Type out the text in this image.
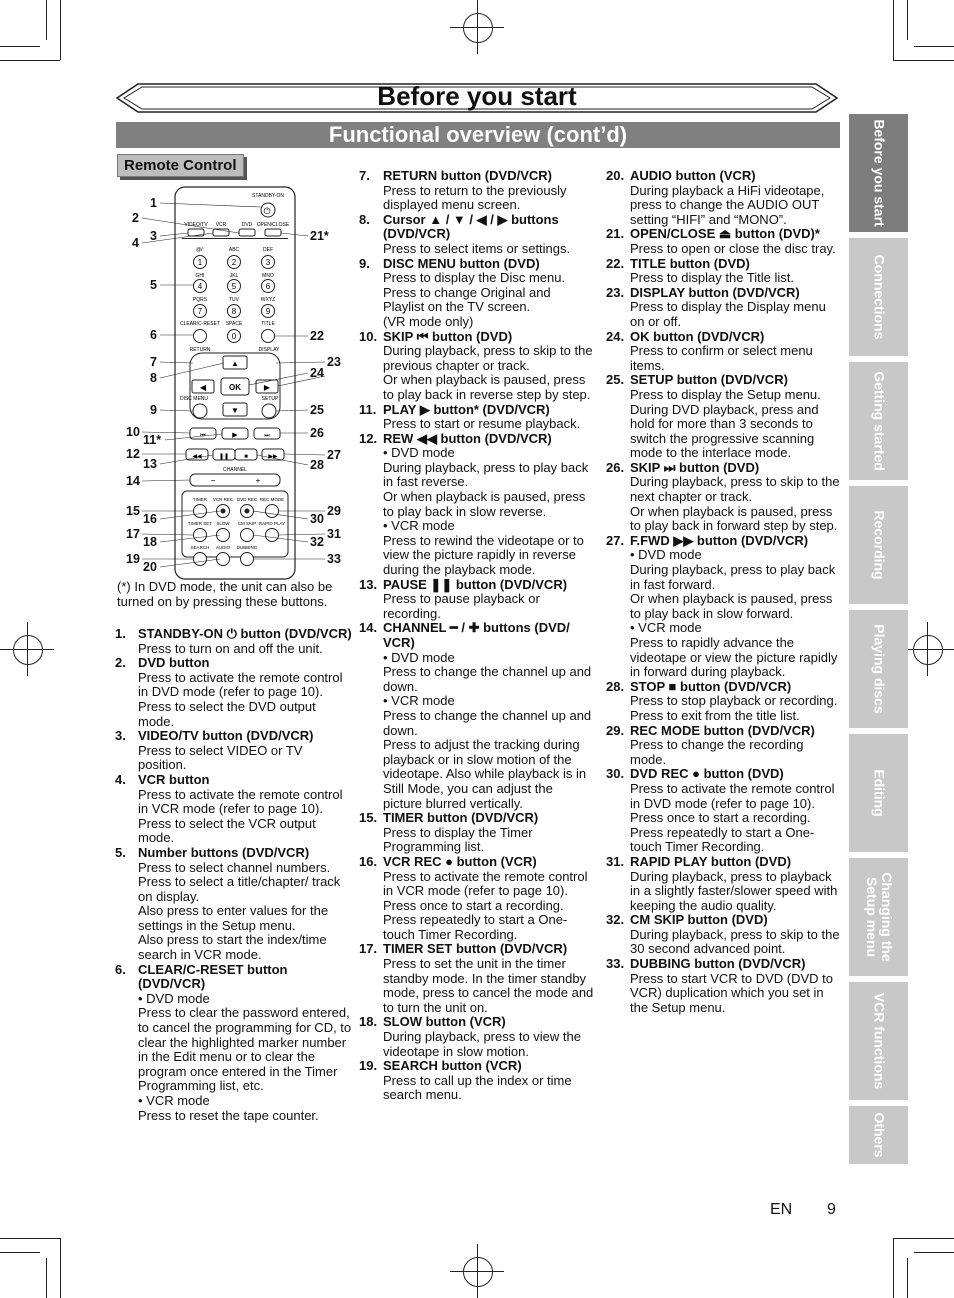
Before you start
Functional overview (cont’d)
Remote Control	Before you start
Connections
Getting started
Recording
Playing discs
Editing
Changing the Setup menu
VCR functions
Others
STANDBY-ON
⏻
VIDEO/TV VCR	DVD OPEN/CLOSE
@/:	ABC	DEF
1	2	3
GHI	JKL	MNO
4	5	6
PQRS	TUV	WXYZ
7	8	9
CLEAR/C-RESET SPACE	TITLE
0
RETURN	DISPLAY
▲
▼
◀	▶
OK
DISC MENU	SETUP
⏮	▶	⏭
◀◀	❚❚	■	▶▶
CHANNEL
−	+
TIMER VCR REC DVD REC REC MODE
TIMER SET SLOW CM SKIP RAPID PLAY
SEARCH AUDIO DUBBING
1
2
3
4
5
6
7
8
9
10
11*
12
13
14
15
16
17
18
19
20
21*
22
23
24
25
26
27
28
29
30
31
32
33
(*) In DVD mode, the unit can also be turned on by pressing these buttons.
1. STANDBY-ON ⏻ button (DVD/VCR)

Press to turn on and off the unit.

2. DVD button

Press to activate the remote control in DVD mode (refer to page 10).

Press to select the DVD output mode.

3. VIDEO/TV button (DVD/VCR)

Press to select VIDEO or TV position.

4. VCR button

Press to activate the remote control in VCR mode (refer to page 10).

Press to select the VCR output mode.

5. Number buttons (DVD/VCR)

Press to select channel numbers.

Press to select a title/chapter/ track on display.

Also press to enter values for the settings in the Setup menu.

Also press to start the index/time search in VCR mode.

6. CLEAR/C-RESET button (DVD/VCR)

• DVD mode

Press to clear the password entered, to cancel the programming for CD, to clear the highlighted marker number in the Edit menu or to clear the program once entered in the Timer Programming list, etc.

• VCR mode

Press to reset the tape counter.

7.	RETURN button (DVD/VCR)

Press to return to the previously displayed menu screen.

8.	Cursor ▲ / ▼ / ◀ / ▶ buttons (DVD/VCR)

Press to select items or settings.

9.	DISC MENU button (DVD)

Press to display the Disc menu.

Press to change Original and Playlist on the TV screen.

(VR mode only)

10. SKIP ⏮ button (DVD)

During playback, press to skip to the previous chapter or track.

Or when playback is paused, press to play back in reverse step by step.

11. PLAY ▶ button* (DVD/VCR)

Press to start or resume playback.

12. REW ◀◀ button (DVD/VCR)

• DVD mode

During playback, press to play back in fast reverse.

Or when playback is paused, press to play back in slow reverse.

• VCR mode

Press to rewind the videotape or to view the picture rapidly in reverse during the playback mode.

13. PAUSE ❚❚ button (DVD/VCR)

Press to pause playback or recording.

14. CHANNEL ━ / ✚ buttons (DVD/ VCR)

• DVD mode

Press to change the channel up and down.

• VCR mode

Press to change the channel up and down.

Press to adjust the tracking during playback or in slow motion of the videotape. Also while playback is in Still Mode, you can adjust the picture blurred vertically.

15. TIMER button (DVD/VCR)

Press to display the Timer Programming list.

16. VCR REC ● button (VCR)

Press to activate the remote control in VCR mode (refer to page 10).

Press once to start a recording.

Press repeatedly to start a One-touch Timer Recording.

17. TIMER SET button (DVD/VCR)

Press to set the unit in the timer standby mode. In the timer standby mode, press to cancel the mode and to turn the unit on.

18. SLOW button (VCR)

During playback, press to view the videotape in slow motion.

19. SEARCH button (VCR)

Press to call up the index or time search menu.

20. AUDIO button (VCR)

During playback a HiFi videotape, press to change the AUDIO OUT setting “HIFI” and “MONO”.

21. OPEN/CLOSE ⏏ button (DVD)*

Press to open or close the disc tray.

22. TITLE button (DVD)

Press to display the Title list.

23. DISPLAY button (DVD/VCR)

Press to display the Display menu on or off.

24. OK button (DVD/VCR)

Press to confirm or select menu items.

25. SETUP button (DVD/VCR)

Press to display the Setup menu.

During DVD playback, press and hold for more than 3 seconds to switch the progressive scanning mode to the interlace mode.

26. SKIP ⏭ button (DVD)

During playback, press to skip to the next chapter or track.

Or when playback is paused, press to play back in forward step by step.

27. F.FWD ▶▶ button (DVD/VCR)

• DVD mode

During playback, press to play back in fast forward.

Or when playback is paused, press to play back in slow forward.

• VCR mode

Press to rapidly advance the videotape or view the picture rapidly in forward during playback.

28. STOP ■ button (DVD/VCR)

Press to stop playback or recording.

Press to exit from the title list.

29. REC MODE button (DVD/VCR)

Press to change the recording mode.

30. DVD REC ● button (DVD)

Press to activate the remote control in DVD mode (refer to page 10).

Press once to start a recording.

Press repeatedly to start a One-touch Timer Recording.

31. RAPID PLAY button (DVD)

During playback, press to playback in a slightly faster/slower speed with keeping the audio quality.

32. CM SKIP button (DVD)

During playback, press to skip to the 30 second advanced point.

33. DUBBING button (DVD/VCR)

Press to start VCR to DVD (DVD to VCR) duplication which you set in the Setup menu.

EN 9
